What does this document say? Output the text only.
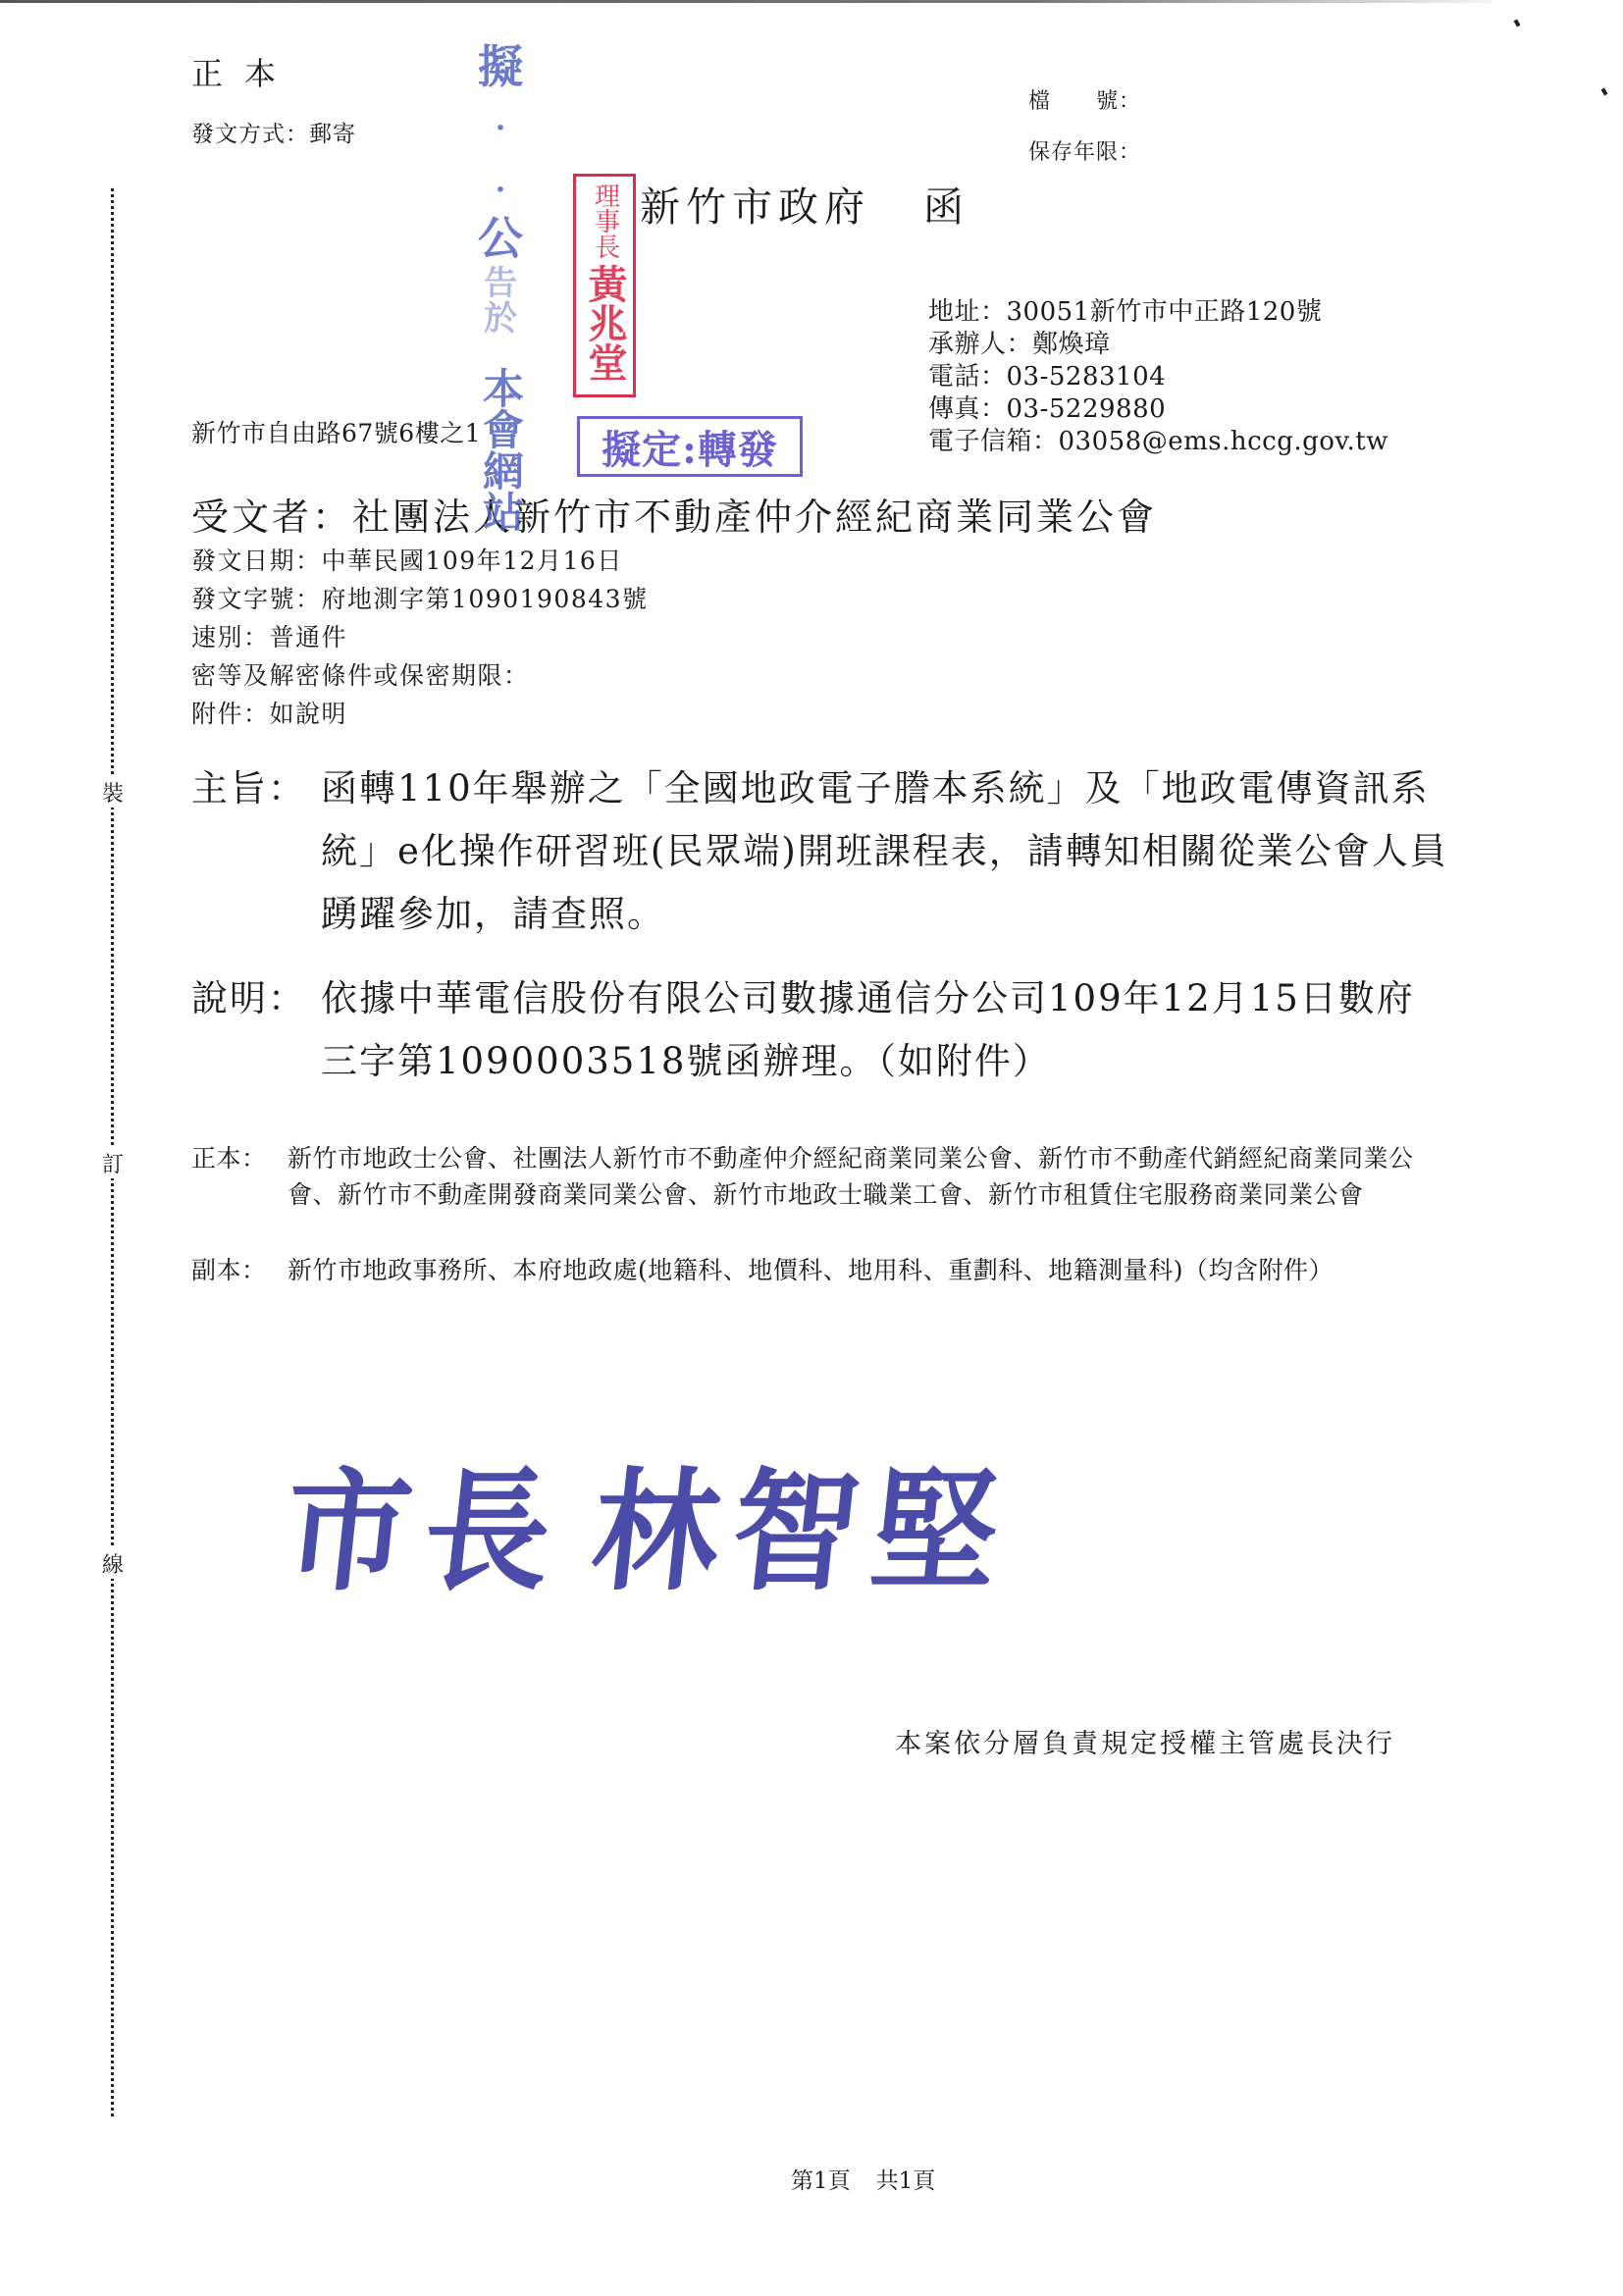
裝
訂
線
正本
發文方式：郵寄
檔 號：
保存年限：
新竹市政府 函
地址：30051新竹市中正路120號
承辦人：鄭煥璋
電話：03-5283104
傳真：03-5229880
電子信箱：03058@ems.hccg.gov.tw
新竹市自由路67號6樓之1
受文者：社團法人新竹市不動產仲介經紀商業同業公會
發文日期：中華民國109年12月16日
發文字號：府地測字第1090190843號
速別：普通件
密等及解密條件或保密期限：
附件：如說明
主旨： 函轉110年舉辦之「全國地政電子謄本系統」及「地政電傳資訊系統」e化操作研習班(民眾端)開班課程表，請轉知相關從業公會人員踴躍參加，請查照。
說明： 依據中華電信股份有限公司數據通信分公司109年12月15日數府三字第1090003518號函辦理。（如附件）
正本： 新竹市地政士公會、社團法人新竹市不動產仲介經紀商業同業公會、新竹市不動產代銷經紀商業同業公會、新竹市不動產開發商業同業公會、新竹市地政士職業工會、新竹市租賃住宅服務商業同業公會
副本： 新竹市地政事務所、本府地政處(地籍科、地價科、地用科、重劃科、地籍測量科)（均含附件）
市長 林智堅
本案依分層負責規定授權主管處長決行
第1頁 共1頁
擬
·
·
公
告於
本會網站
理事長
黃兆堂
擬定:轉發
